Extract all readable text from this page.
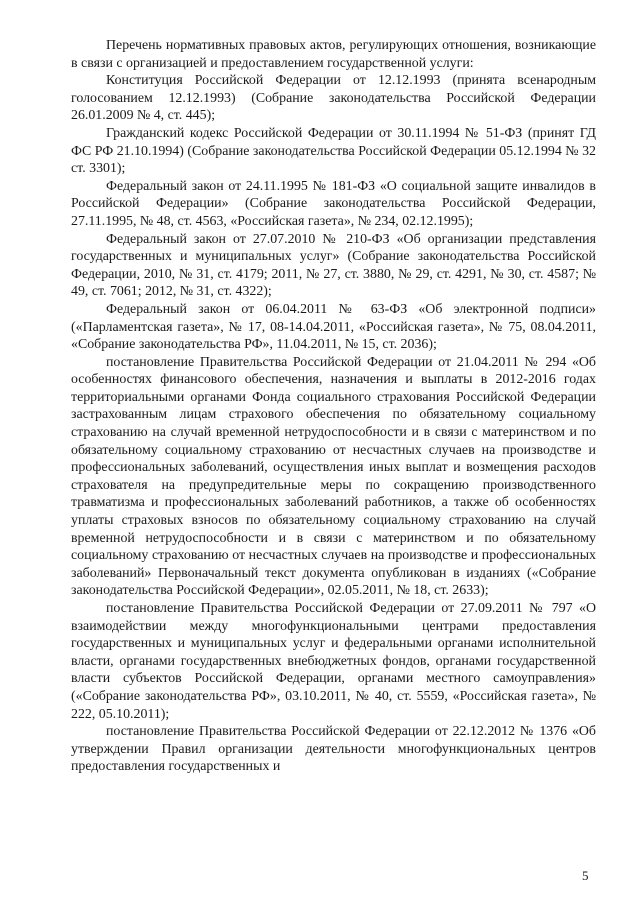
Перечень нормативных правовых актов, регулирующих отношения, возникающие в связи с организацией и предоставлением государственной услуги:

Конституция Российской Федерации от 12.12.1993 (принята всенародным голосованием 12.12.1993) (Собрание законодательства Российской Федерации 26.01.2009 № 4, ст. 445);

Гражданский кодекс Российской Федерации от 30.11.1994 № 51-ФЗ (принят ГД ФС РФ 21.10.1994) (Собрание законодательства Российской Федерации 05.12.1994 № 32 ст. 3301);

Федеральный закон от 24.11.1995 № 181-ФЗ «О социальной защите инвалидов в Российской Федерации» (Собрание законодательства Российской Федерации, 27.11.1995, № 48, ст. 4563, «Российская газета», № 234, 02.12.1995);

Федеральный закон от 27.07.2010 № 210-ФЗ «Об организации представления государственных и муниципальных услуг» (Собрание законодательства Российской Федерации, 2010, № 31, ст. 4179; 2011, № 27, ст. 3880, № 29, ст. 4291, № 30, ст. 4587; № 49, ст. 7061; 2012, № 31, ст. 4322);

Федеральный закон от 06.04.2011 № 63-ФЗ «Об электронной подписи» («Парламентская газета», № 17, 08-14.04.2011, «Российская газета», № 75, 08.04.2011, «Собрание законодательства РФ», 11.04.2011, № 15, ст. 2036);

постановление Правительства Российской Федерации от 21.04.2011 № 294 «Об особенностях финансового обеспечения, назначения и выплаты в 2012-2016 годах территориальными органами Фонда социального страхования Российской Федерации застрахованным лицам страхового обеспечения по обязательному социальному страхованию на случай временной нетрудоспособности и в связи с материнством и по обязательному социальному страхованию от несчастных случаев на производстве и профессиональных заболеваний, осуществления иных выплат и возмещения расходов страхователя на предупредительные меры по сокращению производственного травматизма и профессиональных заболеваний работников, а также об особенностях уплаты страховых взносов по обязательному социальному страхованию на случай временной нетрудоспособности и в связи с материнством и по обязательному социальному страхованию от несчастных случаев на производстве и профессиональных заболеваний» Первоначальный текст документа опубликован в изданиях («Собрание законодательства Российской Федерации», 02.05.2011, № 18, ст. 2633);

постановление Правительства Российской Федерации от 27.09.2011 № 797 «О взаимодействии между многофункциональными центрами предоставления государственных и муниципальных услуг и федеральными органами исполнительной власти, органами государственных внебюджетных фондов, органами государственной власти субъектов Российской Федерации, органами местного самоуправления» («Собрание законодательства РФ», 03.10.2011, № 40, ст. 5559, «Российская газета», № 222, 05.10.2011);

постановление Правительства Российской Федерации от 22.12.2012 № 1376 «Об утверждении Правил организации деятельности многофункциональных центров предоставления государственных и

5
